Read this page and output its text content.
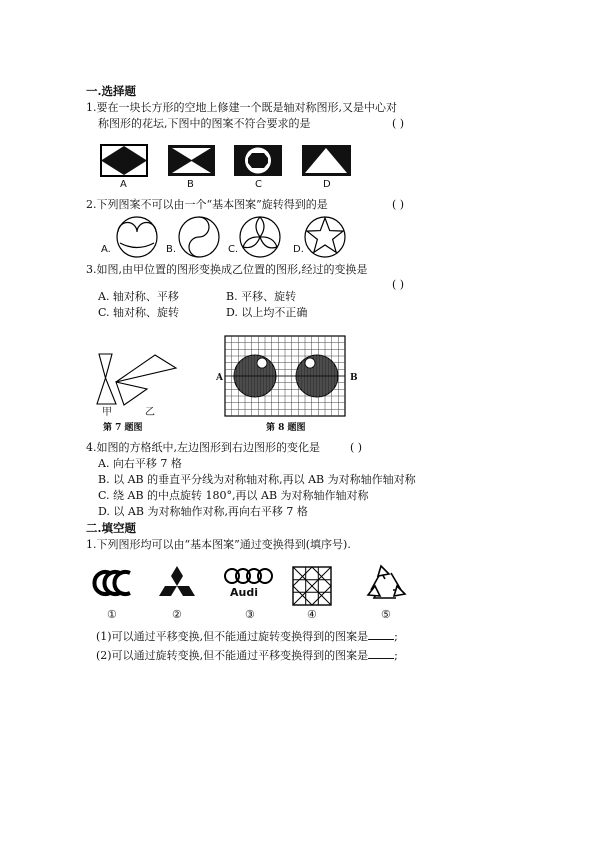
一.选择题
1.要在一块长方形的空地上修建一个既是轴对称图形,又是中心对
称图形的花坛,下图中的图案不符合要求的是	( )
A	B	C	D
2.下列图案不可以由一个“基本图案”旋转得到的是	( )
A.	B.	C.	D.
3.如图,由甲位置的图形变换成乙位置的图形,经过的变换是
( )
A. 轴对称、平移	B. 平移、旋转
C. 轴对称、旋转	D. 以上均不正确
甲	乙
第 7 题图
A	B
第 8 题图
4.如图的方格纸中,左边图形到右边图形的变化是	( )
A. 向右平移 7 格
B. 以 AB 的垂直平分线为对称轴对称,再以 AB 为对称轴作轴对称
C. 绕 AB 的中点旋转 180°,再以 AB 为对称轴作轴对称
D. 以 AB 为对称轴作对称,再向右平移 7 格
二.填空题
1.下列图形均可以由“基本图案”通过变换得到(填序号).
Audi
①	②	③	④	⑤
(1)可以通过平移变换,但不能通过旋转变换得到的图案是 ;
(2)可以通过旋转变换,但不能通过平移变换得到的图案是 ;
